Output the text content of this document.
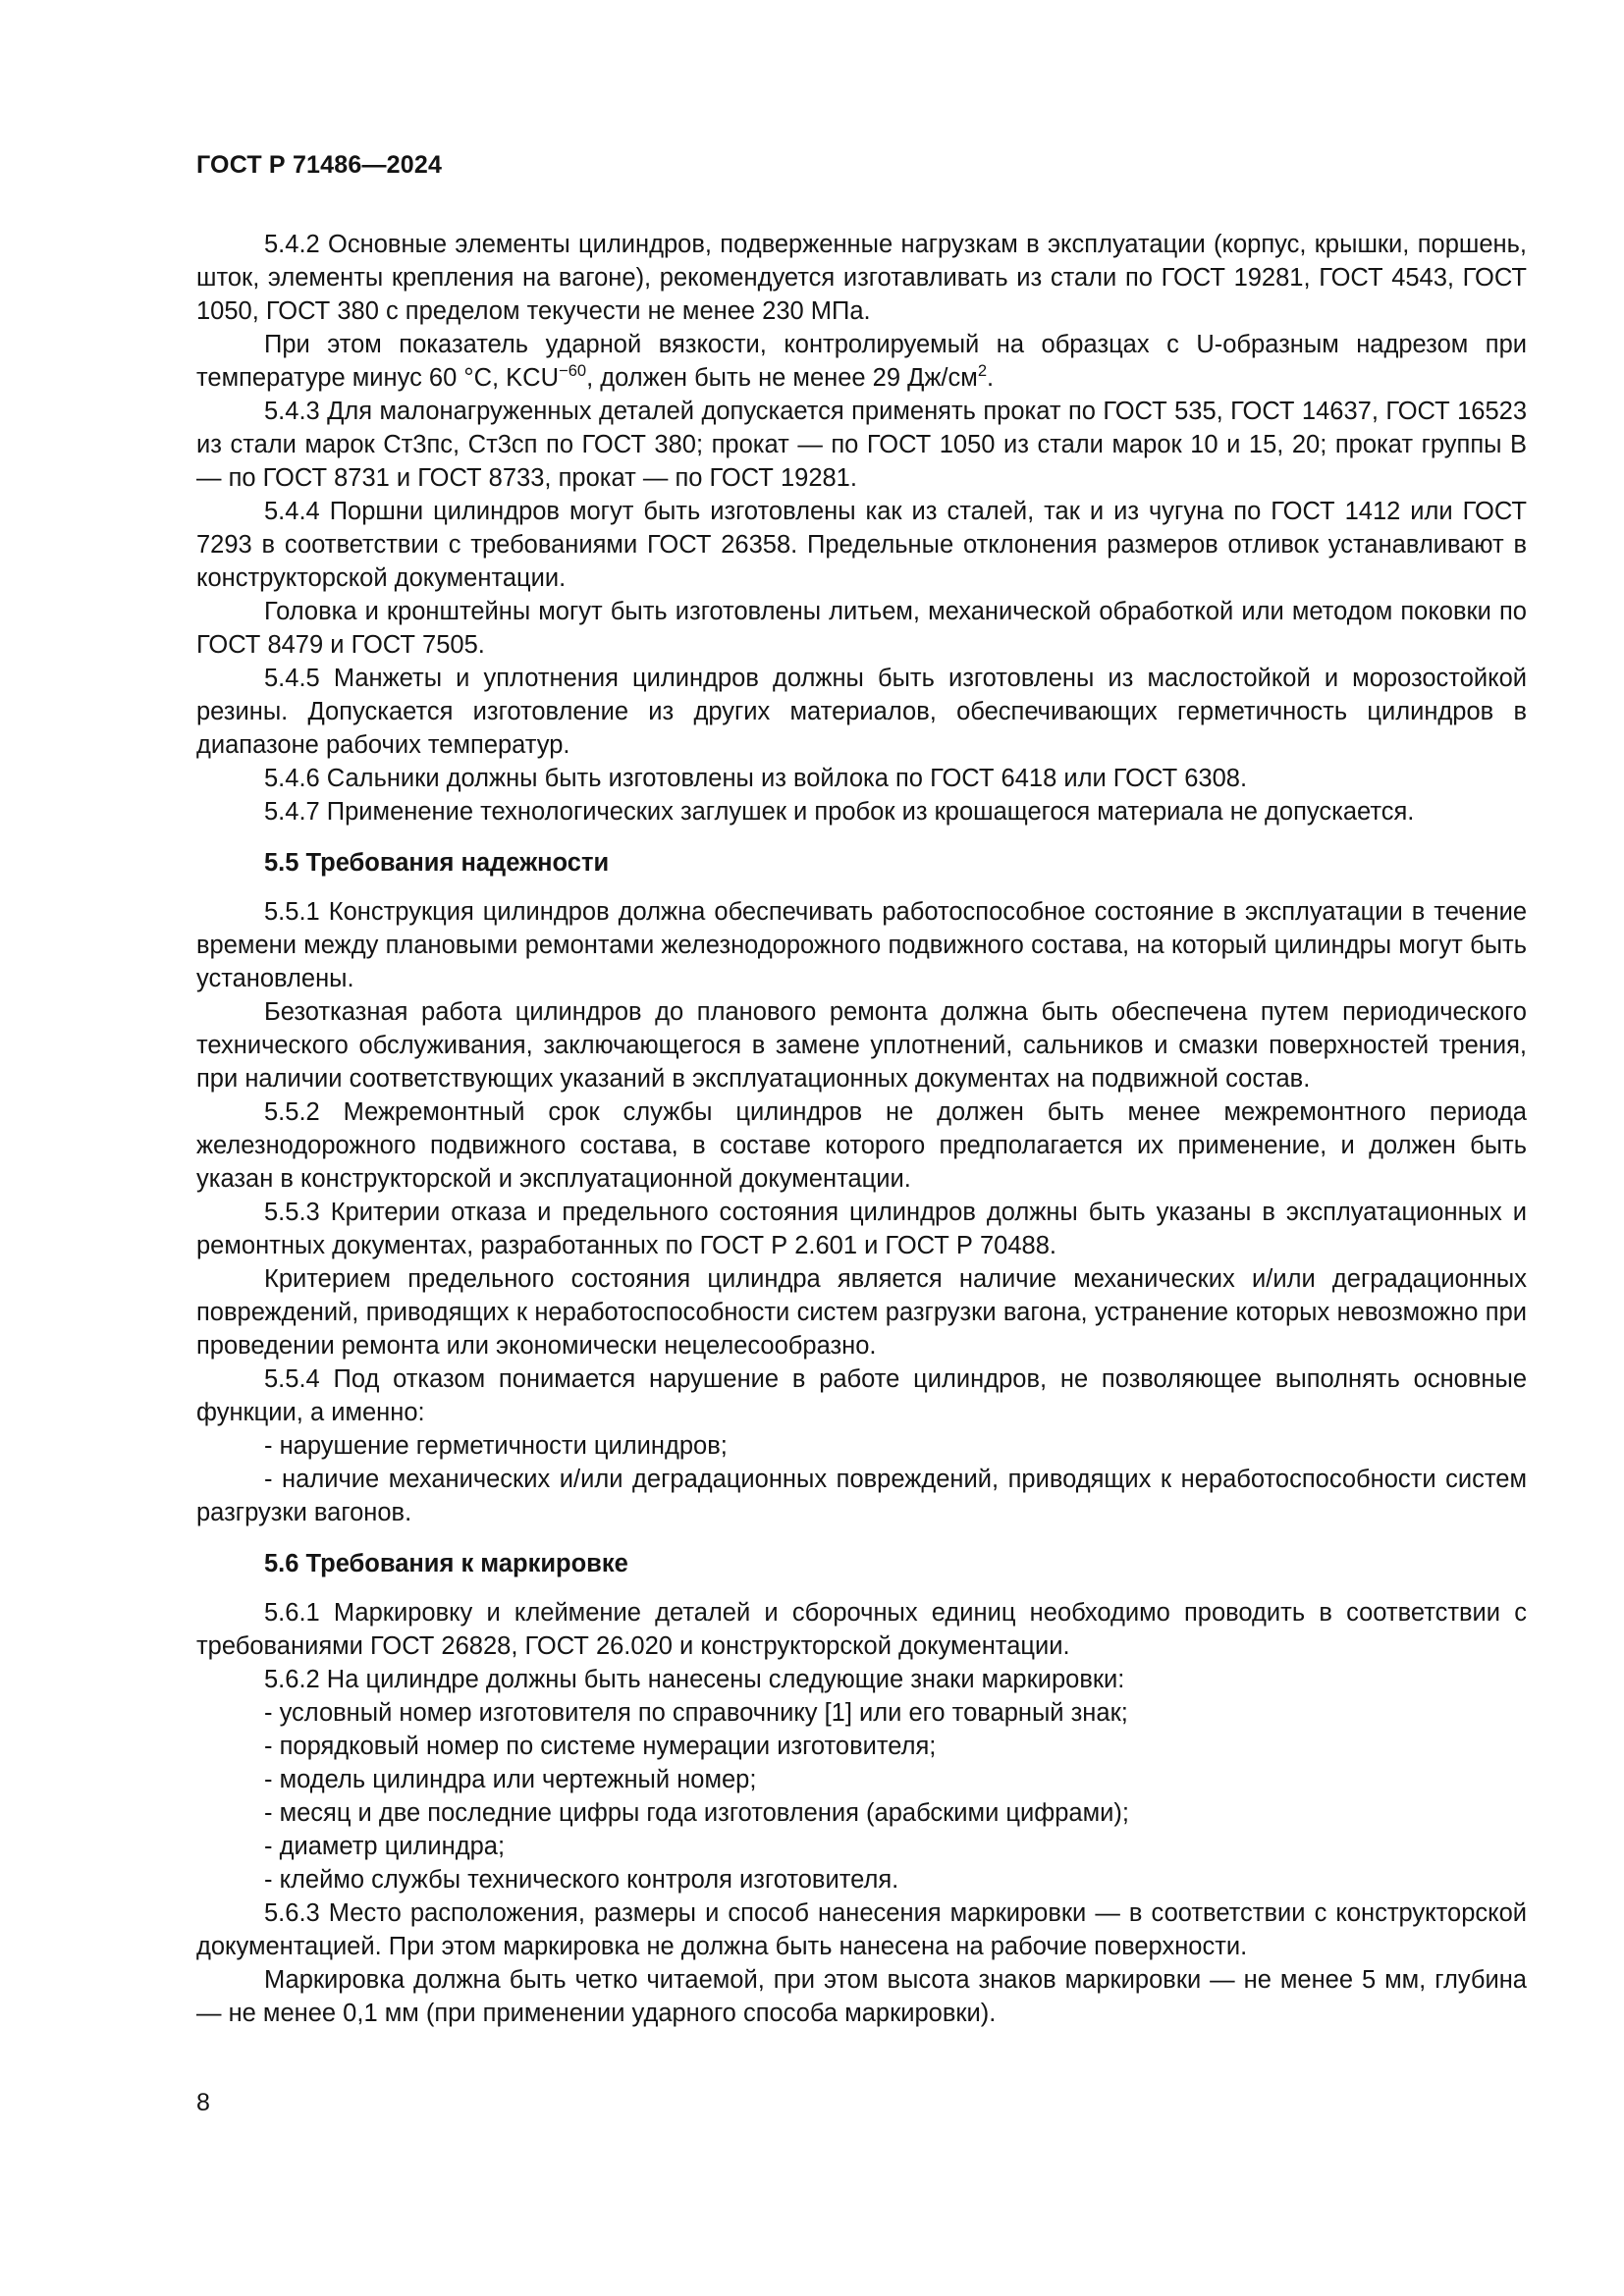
ГОСТ Р 71486—2024

5.4.2 Основные элементы цилиндров, подверженные нагрузкам в эксплуатации (корпус, крышки, поршень, шток, элементы крепления на вагоне), рекомендуется изготавливать из стали по ГОСТ 19281, ГОСТ 4543, ГОСТ 1050, ГОСТ 380 с пределом текучести не менее 230 МПа.

При этом показатель ударной вязкости, контролируемый на образцах с U-образным надрезом при температуре минус 60 °С, $KCU^{-60}$, должен быть не менее 29 $Дж/см^2$.

5.4.3 Для малонагруженных деталей допускается применять прокат по ГОСТ 535, ГОСТ 14637, ГОСТ 16523 из стали марок Ст3пс, Ст3сп по ГОСТ 380; прокат — по ГОСТ 1050 из стали марок 10 и 15, 20; прокат группы В — по ГОСТ 8731 и ГОСТ 8733, прокат — по ГОСТ 19281.

5.4.4 Поршни цилиндров могут быть изготовлены как из сталей, так и из чугуна по ГОСТ 1412 или ГОСТ 7293 в соответствии с требованиями ГОСТ 26358. Предельные отклонения размеров отливок устанавливают в конструкторской документации.

Головка и кронштейны могут быть изготовлены литьем, механической обработкой или методом поковки по ГОСТ 8479 и ГОСТ 7505.

5.4.5 Манжеты и уплотнения цилиндров должны быть изготовлены из маслостойкой и морозостойкой резины. Допускается изготовление из других материалов, обеспечивающих герметичность цилиндров в диапазоне рабочих температур.

5.4.6 Сальники должны быть изготовлены из войлока по ГОСТ 6418 или ГОСТ 6308.

5.4.7 Применение технологических заглушек и пробок из крошащегося материала не допускается.

5.5 Требования надежности

5.5.1 Конструкция цилиндров должна обеспечивать работоспособное состояние в эксплуатации в течение времени между плановыми ремонтами железнодорожного подвижного состава, на который цилиндры могут быть установлены.

Безотказная работа цилиндров до планового ремонта должна быть обеспечена путем периодического технического обслуживания, заключающегося в замене уплотнений, сальников и смазки поверхностей трения, при наличии соответствующих указаний в эксплуатационных документах на подвижной состав.

5.5.2 Межремонтный срок службы цилиндров не должен быть менее межремонтного периода железнодорожного подвижного состава, в составе которого предполагается их применение, и должен быть указан в конструкторской и эксплуатационной документации.

5.5.3 Критерии отказа и предельного состояния цилиндров должны быть указаны в эксплуатационных и ремонтных документах, разработанных по ГОСТ Р 2.601 и ГОСТ Р 70488.

Критерием предельного состояния цилиндра является наличие механических и/или деградационных повреждений, приводящих к неработоспособности систем разгрузки вагона, устранение которых невозможно при проведении ремонта или экономически нецелесообразно.

5.5.4 Под отказом понимается нарушение в работе цилиндров, не позволяющее выполнять основные функции, а именно:

- нарушение герметичности цилиндров;

- наличие механических и/или деградационных повреждений, приводящих к неработоспособности систем разгрузки вагонов.

5.6 Требования к маркировке

5.6.1 Маркировку и клеймение деталей и сборочных единиц необходимо проводить в соответствии с требованиями ГОСТ 26828, ГОСТ 26.020 и конструкторской документации.

5.6.2 На цилиндре должны быть нанесены следующие знаки маркировки:

- условный номер изготовителя по справочнику [1] или его товарный знак;

- порядковый номер по системе нумерации изготовителя;

- модель цилиндра или чертежный номер;

- месяц и две последние цифры года изготовления (арабскими цифрами);

- диаметр цилиндра;

- клеймо службы технического контроля изготовителя.

5.6.3 Место расположения, размеры и способ нанесения маркировки — в соответствии с конструкторской документацией. При этом маркировка не должна быть нанесена на рабочие поверхности.

Маркировка должна быть четко читаемой, при этом высота знаков маркировки — не менее 5 мм, глубина — не менее 0,1 мм (при применении ударного способа маркировки).

8
